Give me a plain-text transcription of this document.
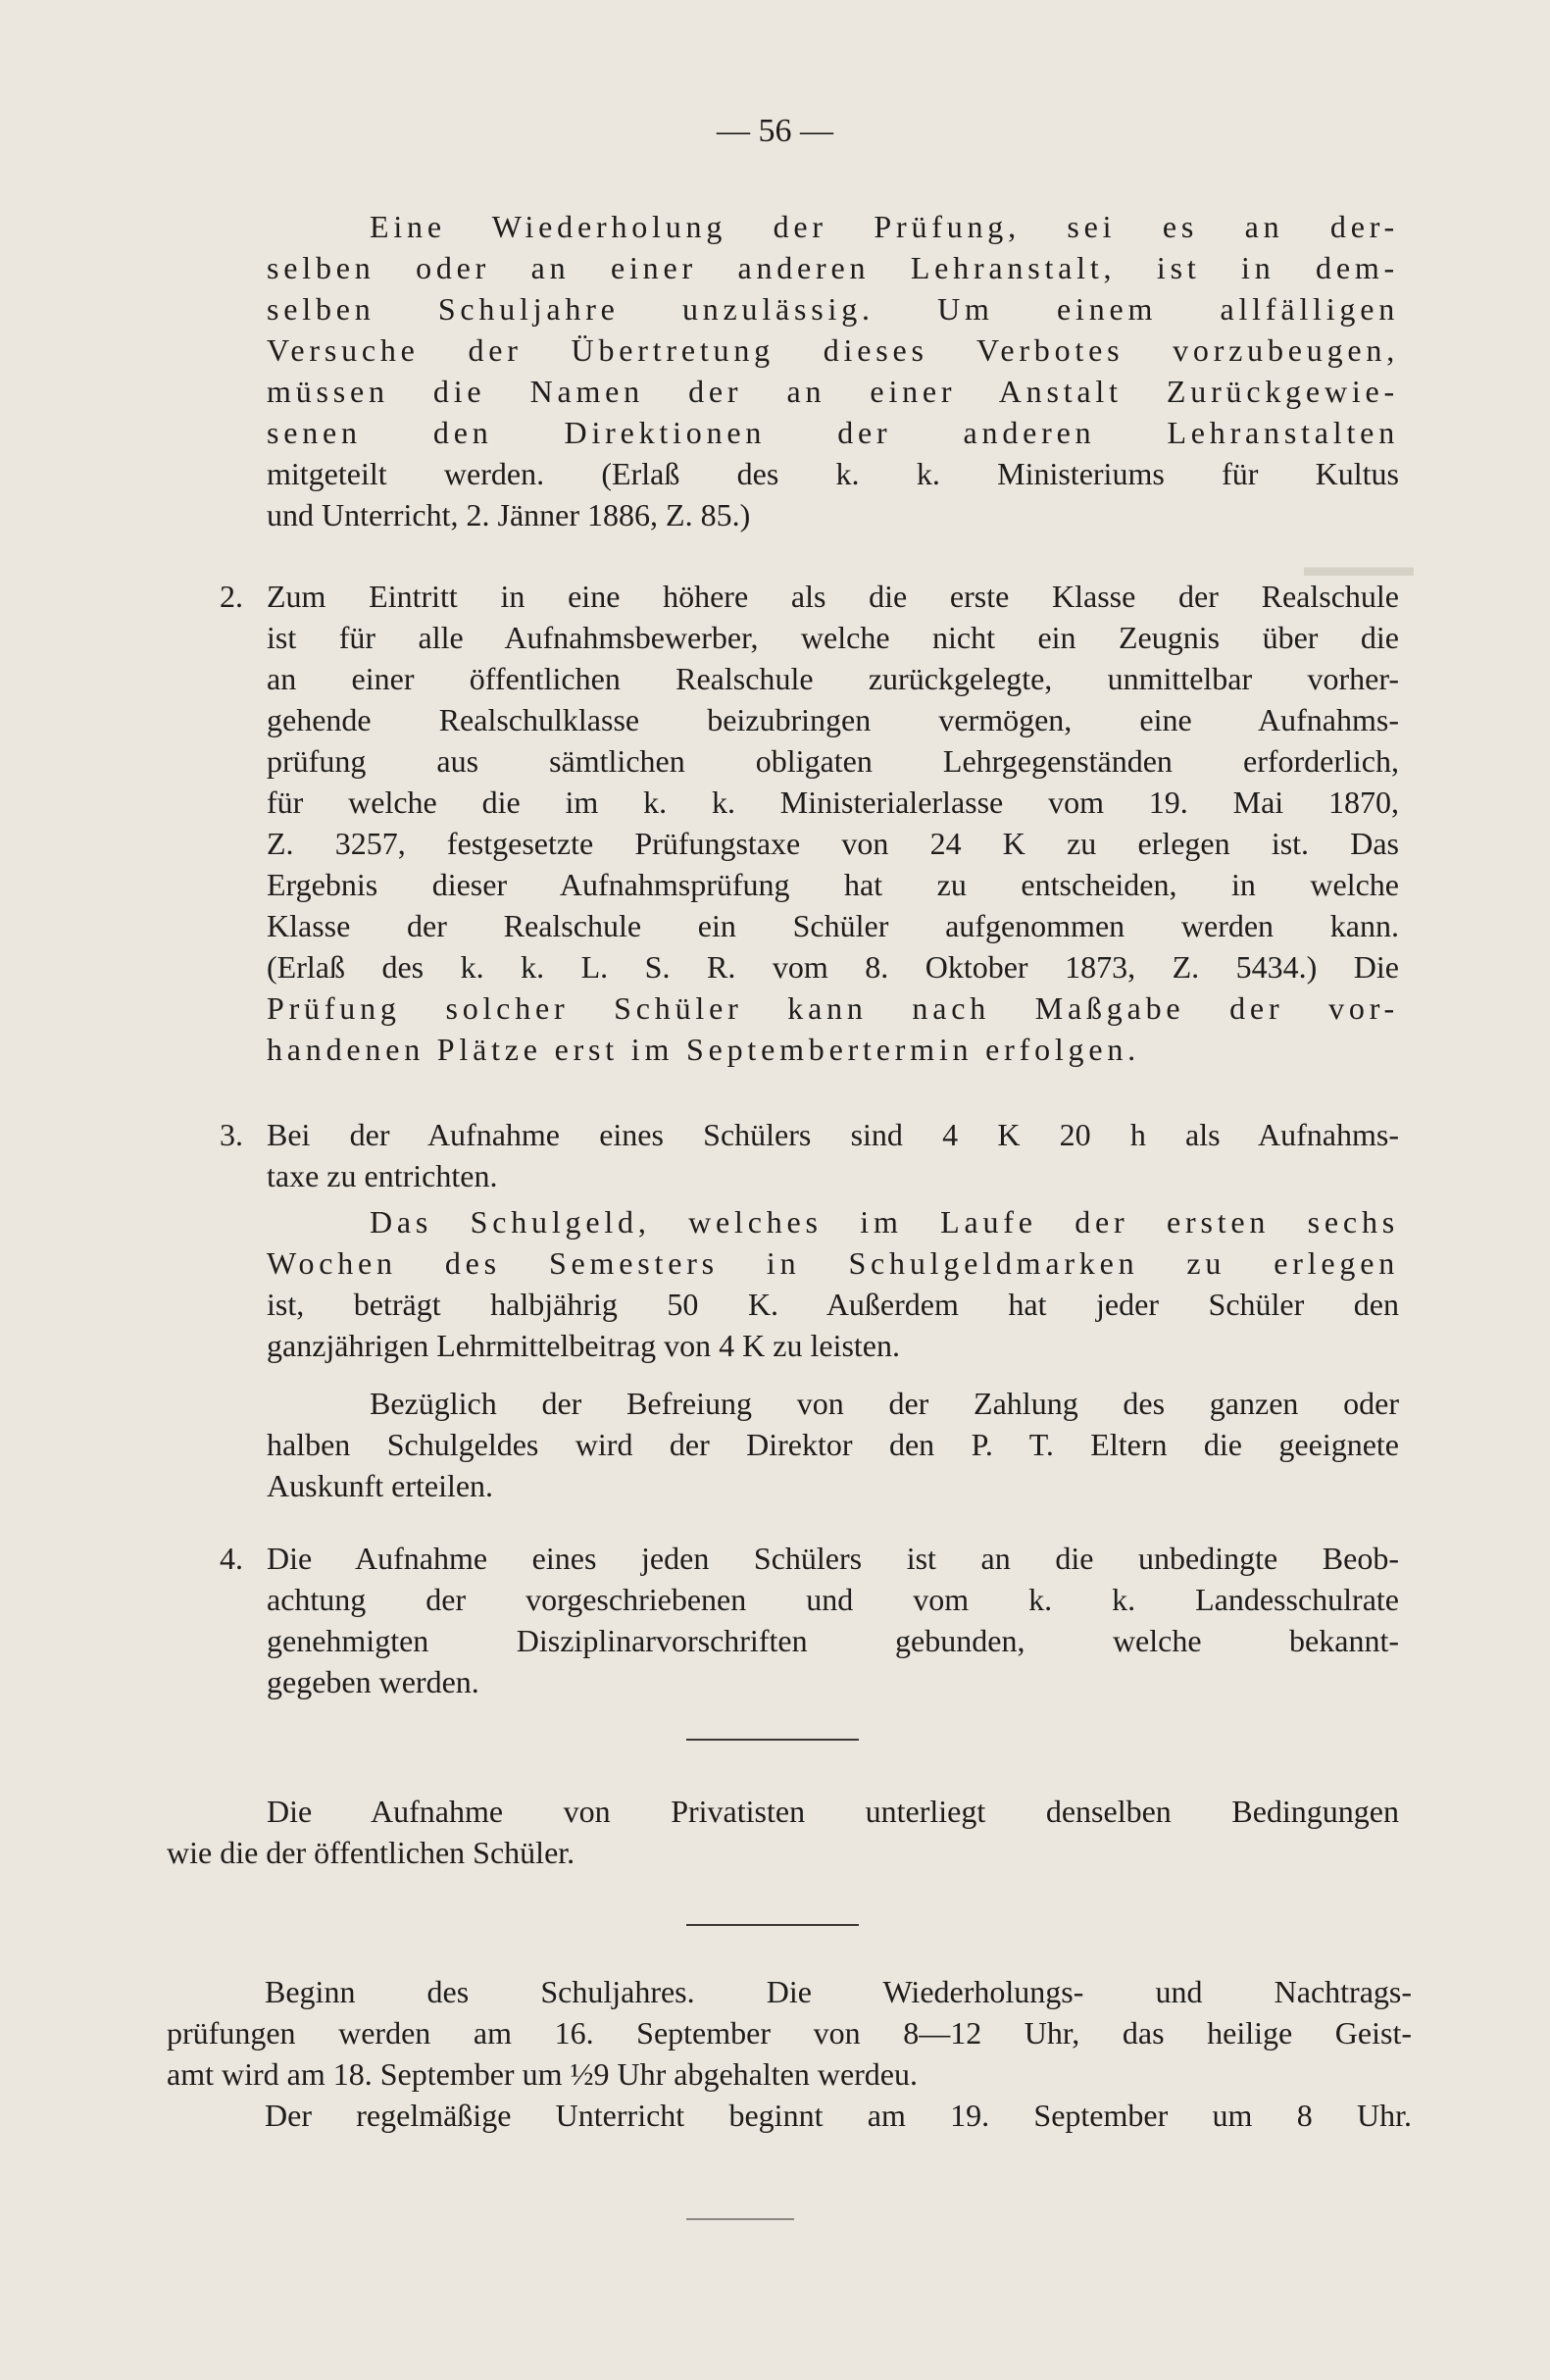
▬▬▬▬
— 56 —
Eine Wiederholung der Prüfung, sei es an der-
selben oder an einer anderen Lehranstalt, ist in dem-
selben Schuljahre unzulässig. Um einem allfälligen
Versuche der Übertretung dieses Verbotes vorzubeugen,
müssen die Namen der an einer Anstalt Zurückgewie-
senen den Direktionen der anderen Lehranstalten
mitgeteilt werden. (Erlaß des k. k. Ministeriums für Kultus
und Unterricht, 2. Jänner 1886, Z. 85.)
2. Zum Eintritt in eine höhere als die erste Klasse der Realschule
ist für alle Aufnahmsbewerber, welche nicht ein Zeugnis über die
an einer öffentlichen Realschule zurückgelegte, unmittelbar vorher-
gehende Realschulklasse beizubringen vermögen, eine Aufnahms-
prüfung aus sämtlichen obligaten Lehrgegenständen erforderlich,
für welche die im k. k. Ministerialerlasse vom 19. Mai 1870,
Z. 3257, festgesetzte Prüfungstaxe von 24 K zu erlegen ist. Das
Ergebnis dieser Aufnahmsprüfung hat zu entscheiden, in welche
Klasse der Realschule ein Schüler aufgenommen werden kann.
(Erlaß des k. k. L. S. R. vom 8. Oktober 1873, Z. 5434.) Die
Prüfung solcher Schüler kann nach Maßgabe der vor-
handenen Plätze erst im Septembertermin erfolgen.
3. Bei der Aufnahme eines Schülers sind 4 K 20 h als Aufnahms-
taxe zu entrichten.
Das Schulgeld, welches im Laufe der ersten sechs
Wochen des Semesters in Schulgeldmarken zu erlegen
ist, beträgt halbjährig 50 K. Außerdem hat jeder Schüler den
ganzjährigen Lehrmittelbeitrag von 4 K zu leisten.
Bezüglich der Befreiung von der Zahlung des ganzen oder
halben Schulgeldes wird der Direktor den P. T. Eltern die geeignete
Auskunft erteilen.
4. Die Aufnahme eines jeden Schülers ist an die unbedingte Beob-
achtung der vorgeschriebenen und vom k. k. Landesschulrate
genehmigten Disziplinarvorschriften gebunden, welche bekannt-
gegeben werden.
Die Aufnahme von Privatisten unterliegt denselben Bedingungen
wie die der öffentlichen Schüler.
Beginn des Schuljahres. Die Wiederholungs- und Nachtrags-
prüfungen werden am 16. September von 8—12 Uhr, das heilige Geist-
amt wird am 18. September um ½9 Uhr abgehalten werdeu.
Der regelmäßige Unterricht beginnt am 19. September um 8 Uhr.
